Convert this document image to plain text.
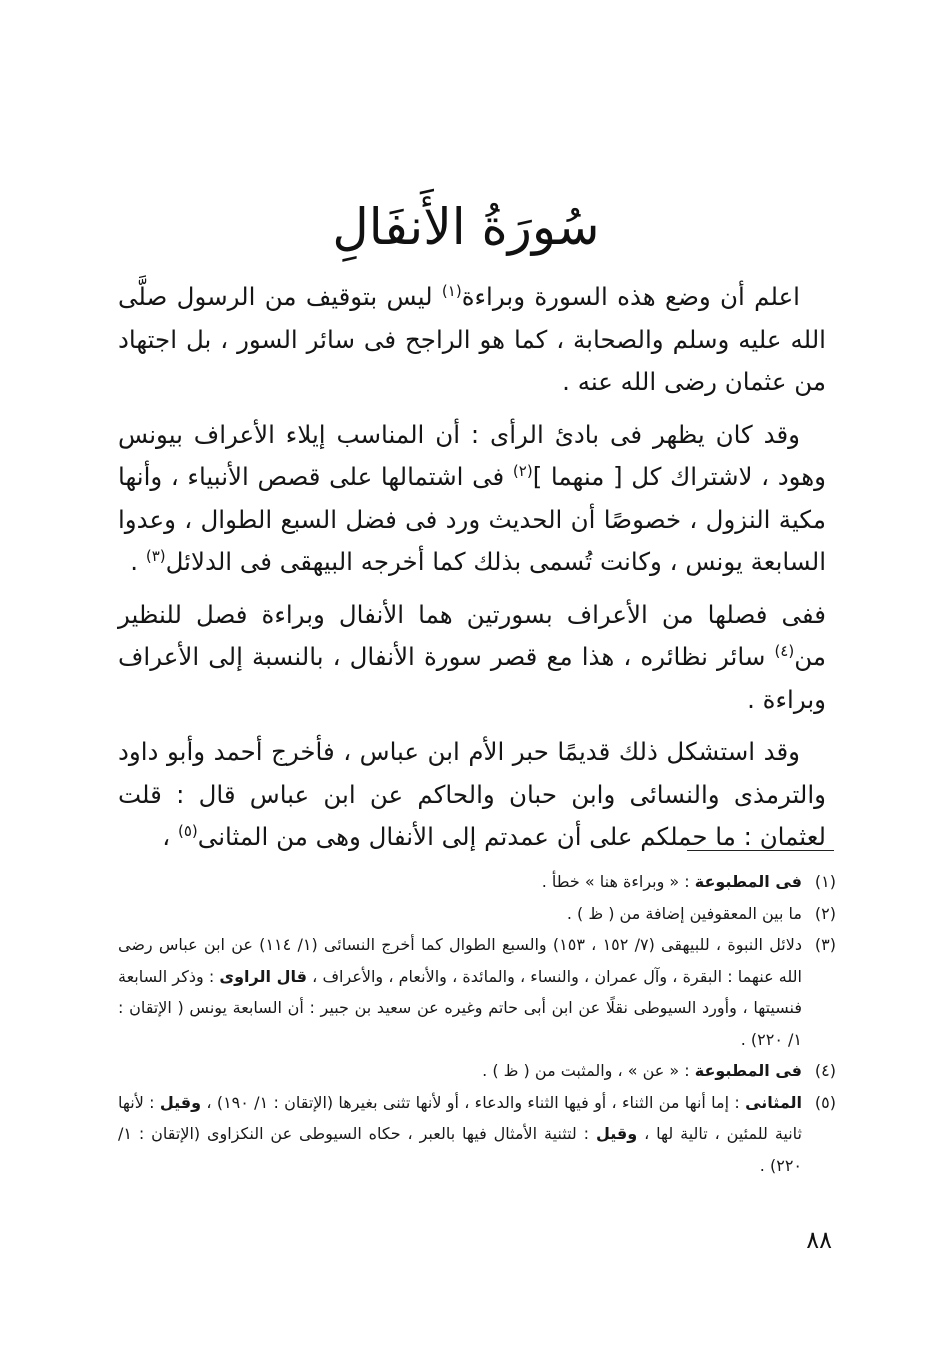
سُورَةُ الأَنفَالِ

اعلم أن وضع هذه السورة وبراءة$^{(١)}$ ليس بتوقيف من الرسول صلَّى الله عليه وسلم والصحابة ، كما هو الراجح فى سائر السور ، بل اجتهاد من عثمان رضى الله عنه .

وقد كان يظهر فى بادئ الرأى : أن المناسب إيلاء الأعراف بيونس وهود ، لاشتراك كل [ منهما ]$^{(٢)}$ فى اشتمالها على قصص الأنبياء ، وأنها مكية النزول ، خصوصًا أن الحديث ورد فى فضل السبع الطوال ، وعدوا السابعة يونس ، وكانت تُسمى بذلك كما أخرجه البيهقى فى الدلائل$^{(٣)}$ .

ففى فصلها من الأعراف بسورتين هما الأنفال وبراءة فصل للنظير من$^{(٤)}$ سائر نظائره ، هذا مع قصر سورة الأنفال ، بالنسبة إلى الأعراف وبراءة .

وقد استشكل ذلك قديمًا حبر الأم ابن عباس ، فأخرج أحمد وأبو داود والترمذى والنسائى وابن حبان والحاكم عن ابن عباس قال : قلت لعثمان : ما حملكم على أن عمدتم إلى الأنفال وهى من المثانى$^{(٥)}$ ،

(١)
فى المطبوعة : « وبراءة هنا » خطأ .
(٢)
ما بين المعقوفين إضافة من ( ظ ) .
(٣)
دلائل النبوة ، للبيهقى (٧/ ١٥٢ ، ١٥٣) والسبع الطوال كما أخرج النسائى (١/ ١١٤) عن ابن عباس رضى الله عنهما : البقرة ، وآل عمران ، والنساء ، والمائدة ، والأنعام ، والأعراف ، قال الراوى : وذكر السابعة فنسيتها ، وأورد السيوطى نقلًا عن ابن أبى حاتم وغيره عن سعيد بن جبير : أن السابعة يونس ( الإتقان : ١/ ٢٢٠) .
(٤)
فى المطبوعة : « عن » ، والمثبت من ( ظ ) .
(٥)
المثانى : إما أنها من الثناء ، أو فيها الثناء والدعاء ، أو لأنها تثنى بغيرها (الإتقان : ١/ ١٩٠) ، وقيل : لأنها ثانية للمئين ، تالية لها ، وقيل : لتثنية الأمثال فيها بالعبر ، حكاه السيوطى عن النكزاوى (الإتقان : ١/ ٢٢٠) .
٨٨
